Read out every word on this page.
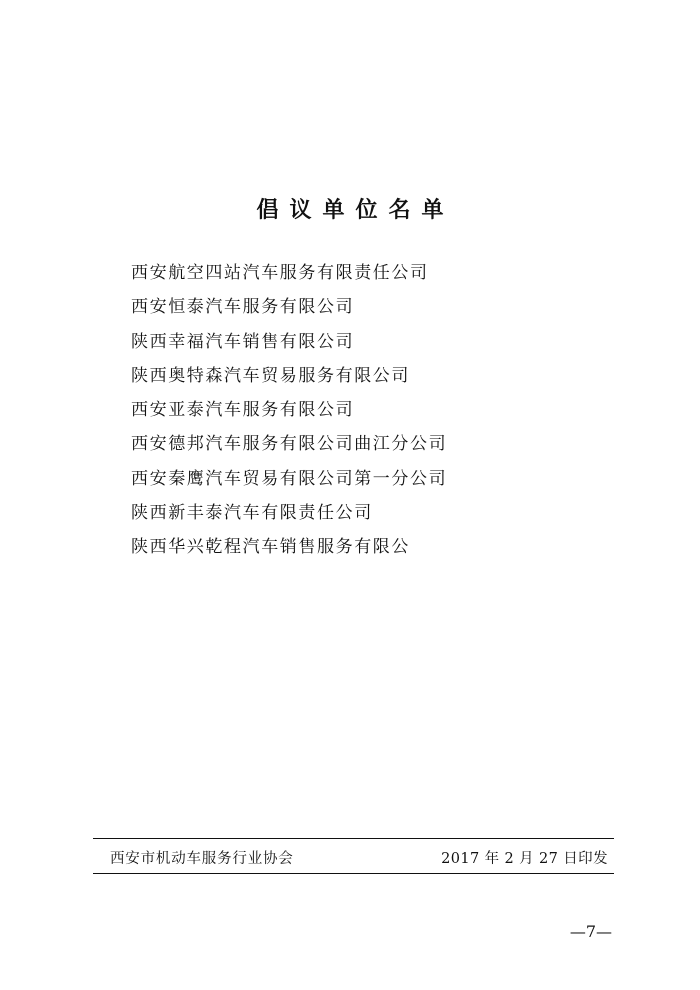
倡议单位名单
西安航空四站汽车服务有限责任公司
西安恒泰汽车服务有限公司
陕西幸福汽车销售有限公司
陕西奥特森汽车贸易服务有限公司
西安亚泰汽车服务有限公司
西安德邦汽车服务有限公司曲江分公司
西安秦鹰汽车贸易有限公司第一分公司
陕西新丰泰汽车有限责任公司
陕西华兴乾程汽车销售服务有限公
西安市机动车服务行业协会	2017 年 2 月 27 日印发
—7—
